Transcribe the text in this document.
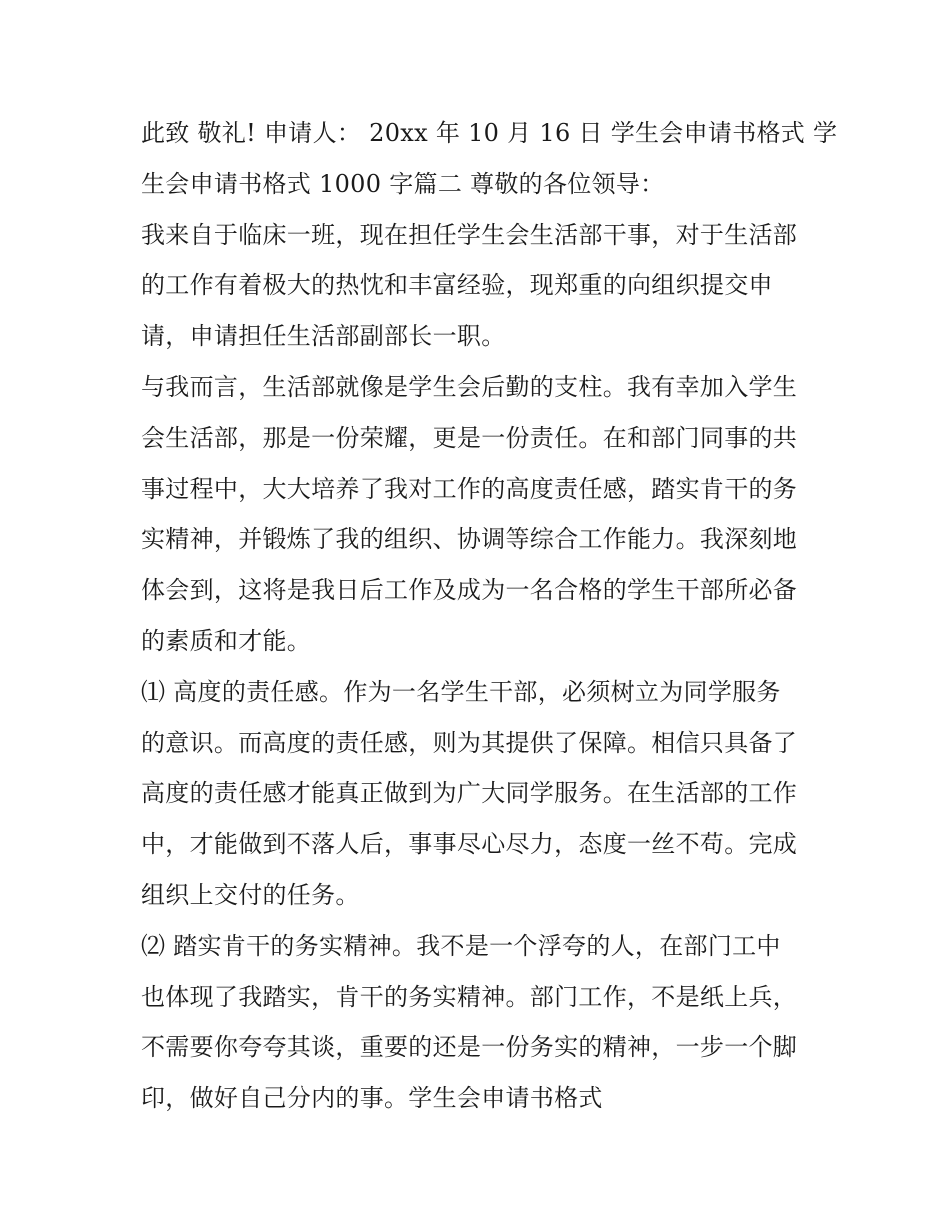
此致 敬礼! 申请人： 20xx 年 10 月 16 日 学生会申请书格式 学

生会申请书格式 1000 字篇二 尊敬的各位领导：

我来自于临床一班，现在担任学生会生活部干事，对于生活部

的工作有着极大的热忱和丰富经验，现郑重的向组织提交申

请，申请担任生活部副部长一职。

与我而言，生活部就像是学生会后勤的支柱。我有幸加入学生

会生活部，那是一份荣耀，更是一份责任。在和部门同事的共

事过程中，大大培养了我对工作的高度责任感，踏实肯干的务

实精神，并锻炼了我的组织、协调等综合工作能力。我深刻地

体会到，这将是我日后工作及成为一名合格的学生干部所必备

的素质和才能。

⑴ 高度的责任感。作为一名学生干部，必须树立为同学服务

的意识。而高度的责任感，则为其提供了保障。相信只具备了

高度的责任感才能真正做到为广大同学服务。在生活部的工作

中，才能做到不落人后，事事尽心尽力，态度一丝不苟。完成

组织上交付的任务。

⑵ 踏实肯干的务实精神。我不是一个浮夸的人，在部门工中

也体现了我踏实，肯干的务实精神。部门工作，不是纸上兵，

不需要你夸夸其谈，重要的还是一份务实的精神，一步一个脚

印，做好自己分内的事。学生会申请书格式
